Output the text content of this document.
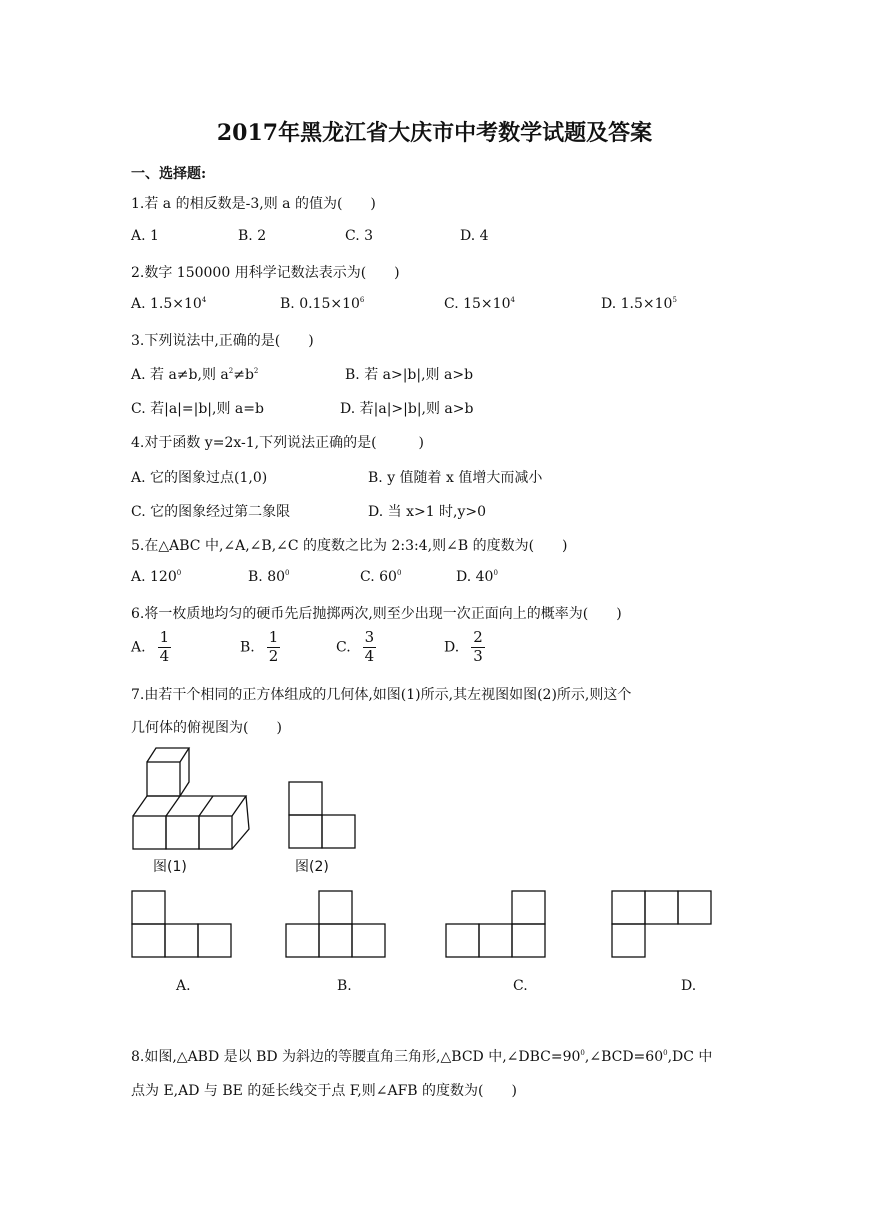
2017年黑龙江省大庆市中考数学试题及答案
一、选择题:
1.若 a 的相反数是-3,则 a 的值为(　　)
A. 1	B. 2	C. 3	D. 4
2.数字 150000 用科学记数法表示为(　　)
A. $1.5\times 10^4$	B. $0.15\times 10^6$	C. $15\times 10^4$	D. $1.5\times 10^5$
3.下列说法中,正确的是(　　)
A. 若 a≠b,则 $a^2\ne b^2$	B. 若 a>|b|,则 a>b
C. 若|a|=|b|,则 a=b	D. 若|a|>|b|,则 a>b
4.对于函数 y=2x-1,下列说法正确的是(　　　)
A. 它的图象过点(1,0)	B. y 值随着 x 值增大而减小
C. 它的图象经过第二象限	D. 当 x>1 时,y>0
5.在△ABC 中,∠A,∠B,∠C 的度数之比为 2:3:4,则∠B 的度数为(　　)
A. $120^0$	B. $80^0$	C. $60^0$	D. $40^0$
6.将一枚质地均匀的硬币先后抛掷两次,则至少出现一次正面向上的概率为(　　)
A. $\frac{1}{4}$	B. $\frac{1}{2}$	C. $\frac{3}{4}$	D. $\frac{2}{3}$
7.由若干个相同的正方体组成的几何体,如图(1)所示,其左视图如图(2)所示,则这个
几何体的俯视图为(　　)
图(1)	图(2)
A.	B.	C.	D.
8.如图,△ABD 是以 BD 为斜边的等腰直角三角形,△BCD 中$,\angle DBC=90^0,\angle BCD=60^0,DC$ 中
点为 E,AD 与 BE 的延长线交于点 F,则∠AFB 的度数为(　　)
